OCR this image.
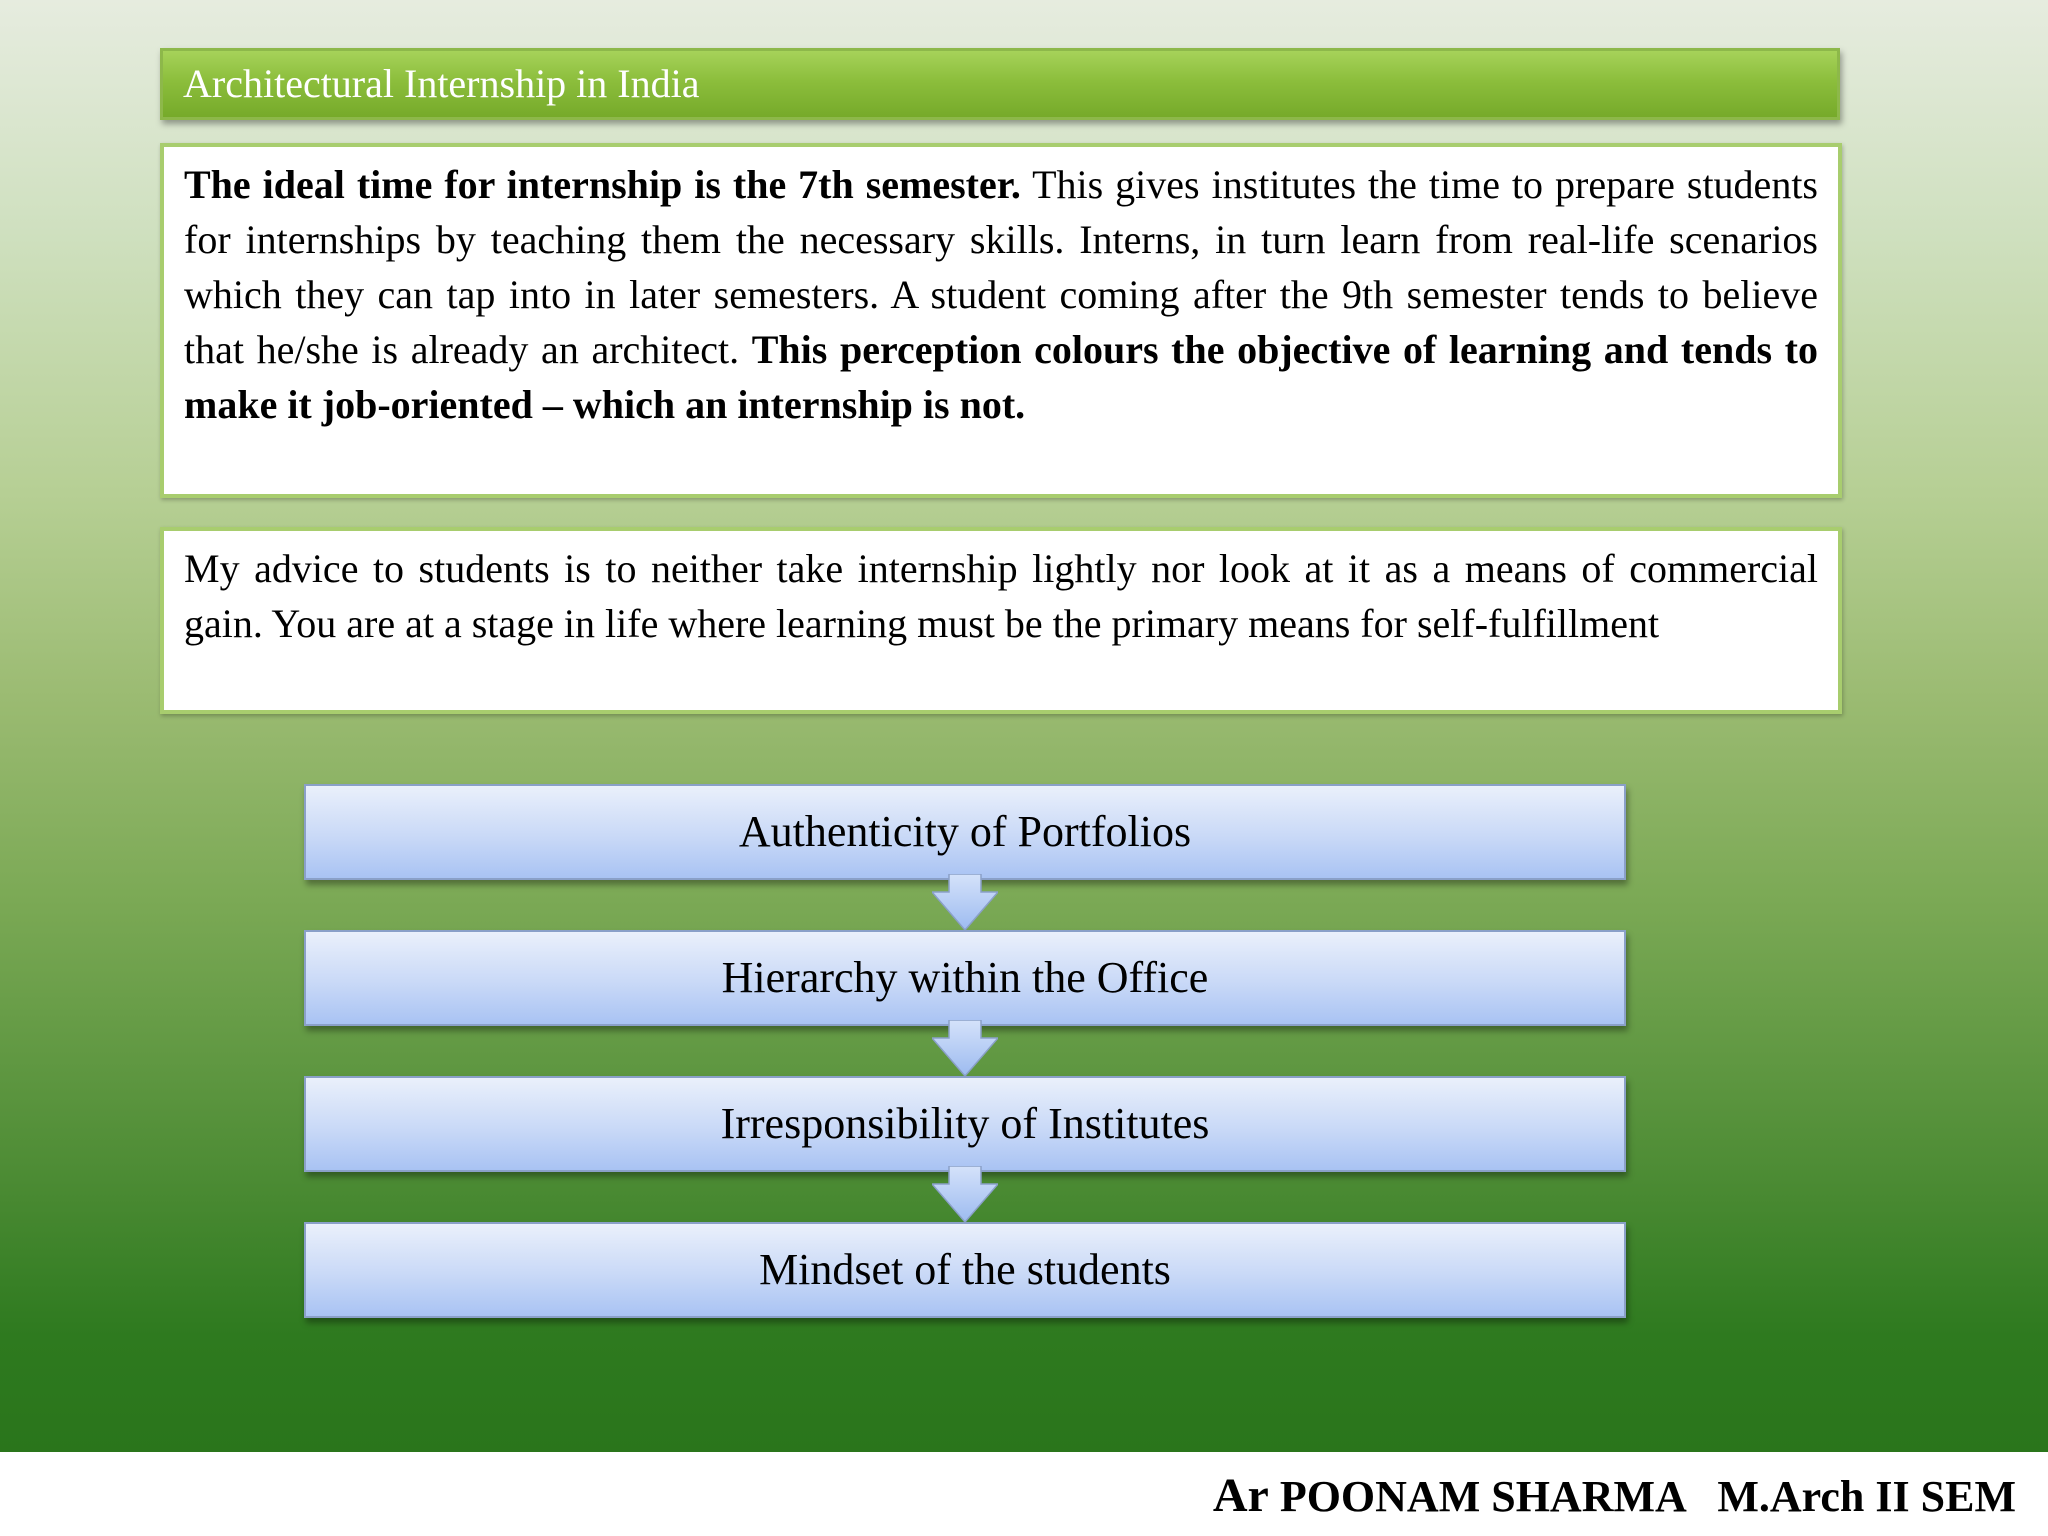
Architectural Internship in India
The ideal time for internship is the 7th semester. This gives institutes the time to prepare students for internships by teaching them the necessary skills. Interns, in turn learn from real-life scenarios which they can tap into in later semesters. A student coming after the 9th semester tends to believe that he/she is already an architect. This perception colours the objective of learning and tends to make it job-oriented – which an internship is not.
My advice to students is to neither take internship lightly nor look at it as a means of commercial gain. You are at a stage in life where learning must be the primary means for self-fulfillment
Authenticity of Portfolios
Hierarchy within the Office
Irresponsibility of Institutes
Mindset of the students
Ar POONAM SHARMA   M.Arch II SEM
